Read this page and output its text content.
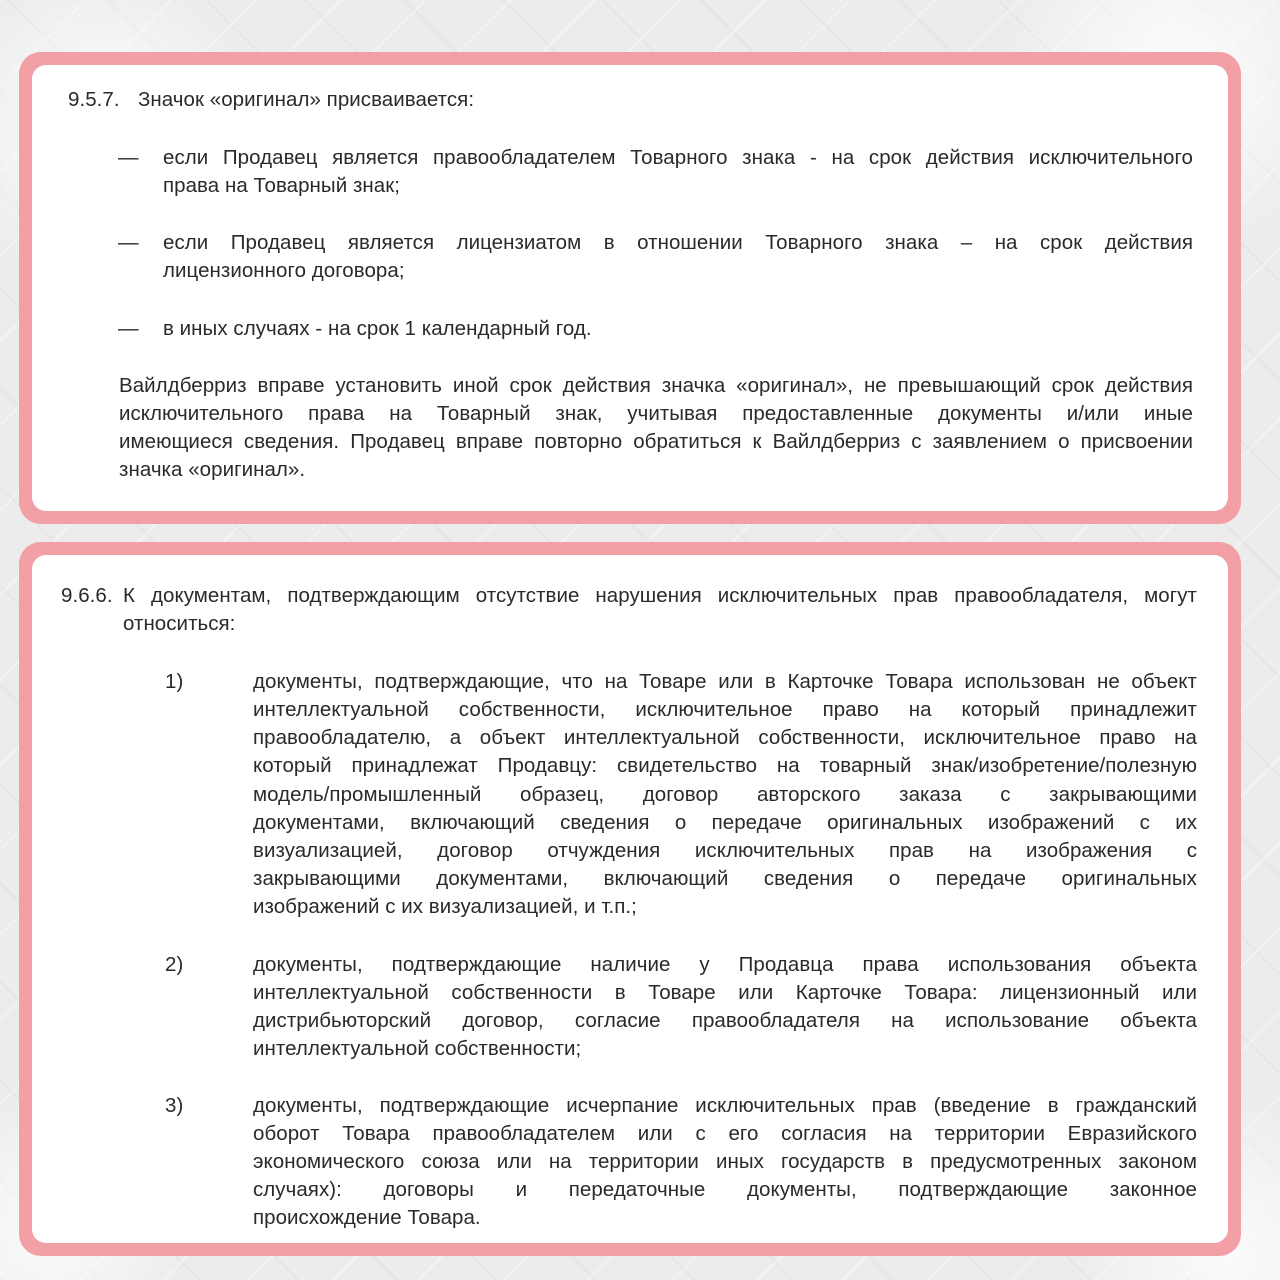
9.5.7. Значок «оригинал» присваивается:
— если Продавец является правообладателем Товарного знака - на срок действия исключительного
права на Товарный знак;
— если Продавец является лицензиатом в отношении Товарного знака – на срок действия
лицензионного договора;
— в иных случаях - на срок 1 календарный год.
Вайлдберриз вправе установить иной срок действия значка «оригинал», не превышающий срок действия
исключительного права на Товарный знак, учитывая предоставленные документы и/или иные
имеющиеся сведения. Продавец вправе повторно обратиться к Вайлдберриз с заявлением о присвоении
значка «оригинал».
9.6.6. К документам, подтверждающим отсутствие нарушения исключительных прав правообладателя, могут
относиться:
1)	документы, подтверждающие, что на Товаре или в Карточке Товара использован не объект
интеллектуальной собственности, исключительное право на который принадлежит
правообладателю, а объект интеллектуальной собственности, исключительное право на
который принадлежат Продавцу: свидетельство на товарный знак/изобретение/полезную
модель/промышленный образец, договор авторского заказа с закрывающими
документами, включающий сведения о передаче оригинальных изображений с их
визуализацией, договор отчуждения исключительных прав на изображения с
закрывающими документами, включающий сведения о передаче оригинальных
изображений с их визуализацией, и т.п.;
2)	документы, подтверждающие наличие у Продавца права использования объекта
интеллектуальной собственности в Товаре или Карточке Товара: лицензионный или
дистрибьюторский договор, согласие правообладателя на использование объекта
интеллектуальной собственности;
3)	документы, подтверждающие исчерпание исключительных прав (введение в гражданский
оборот Товара правообладателем или с его согласия на территории Евразийского
экономического союза или на территории иных государств в предусмотренных законом
случаях): договоры и передаточные документы, подтверждающие законное
происхождение Товара.
